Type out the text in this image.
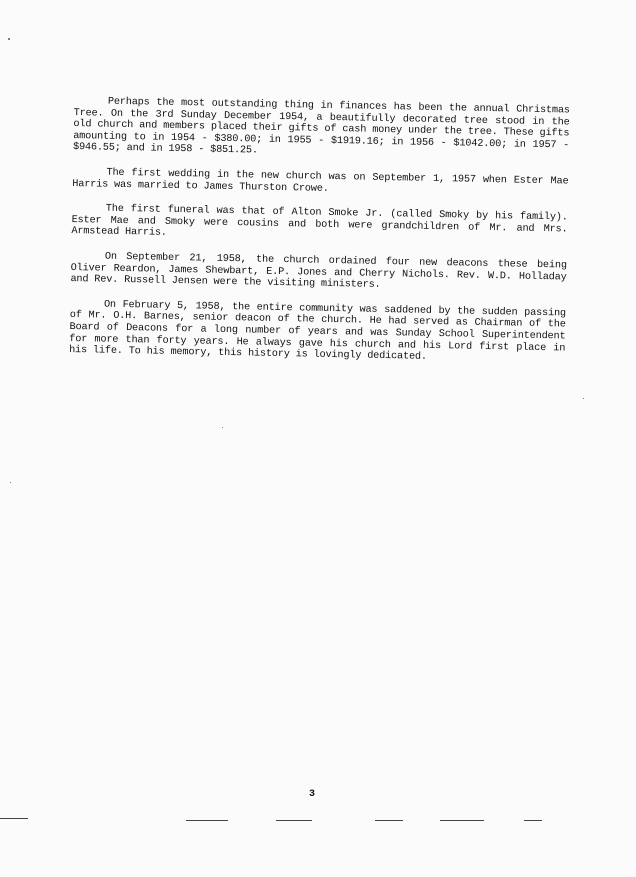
Perhaps the most outstanding thing in finances has been the annual Christmas Tree. On the 3rd Sunday December 1954, a beautifully decorated tree stood in the old church and members placed their gifts of cash money under the tree. These gifts amounting to in 1954 - $380.00; in 1955 - $1919.16; in 1956 - $1042.00; in 1957 - $946.55; and in 1958 - $851.25.

The first wedding in the new church was on September 1, 1957 when Ester Mae Harris was married to James Thurston Crowe.

The first funeral was that of Alton Smoke Jr. (called Smoky by his family). Ester Mae and Smoky were cousins and both were grandchildren of Mr. and Mrs. Armstead Harris.

On September 21, 1958, the church ordained four new deacons these being Oliver Reardon, James Shewbart, E.P. Jones and Cherry Nichols. Rev. W.D. Holladay and Rev. Russell Jensen were the visiting ministers.

On February 5, 1958, the entire community was saddened by the sudden passing of Mr. O.H. Barnes, senior deacon of the church. He had served as Chairman of the Board of Deacons for a long number of years and was Sunday School Superintendent for more than forty years. He always gave his church and his Lord first place in his life. To his memory, this history is lovingly dedicated.

3
